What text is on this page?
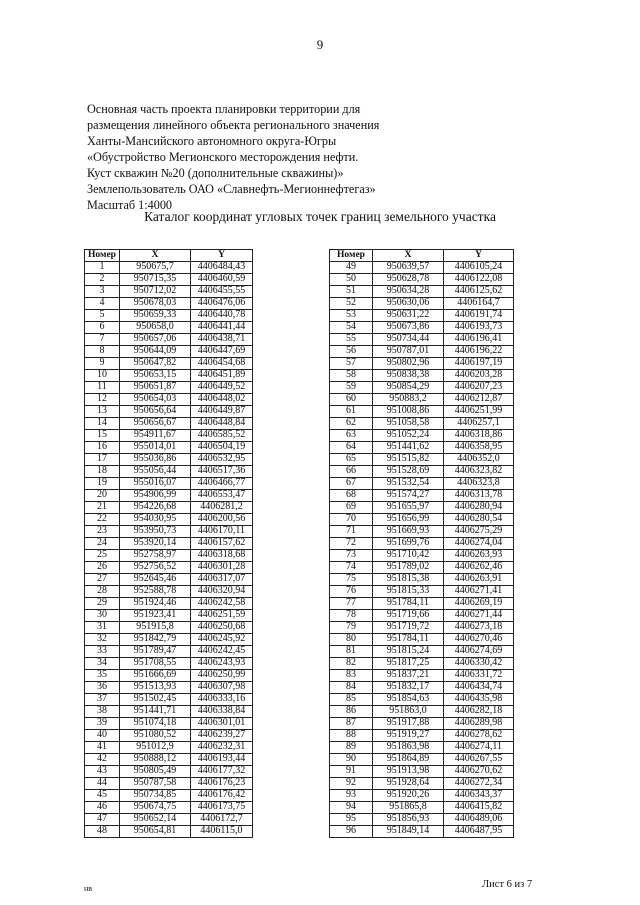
9
Основная часть проекта планировки территории для
размещения линейного объекта регионального значения
Ханты-Мансийского автономного округа-Югры
«Обустройство Мегионского месторождения нефти.
Куст скважин №20 (дополнительные скважины)»
Землепользователь ОАО «Славнефть-Мегионнефтегаз»
Масштаб 1:4000
Каталог координат угловых точек границ земельного участка
Номер	X	Y
1	950675,7	4406484,43
2	950715,35	4406460,59
3	950712,02	4406455,55
4	950678,03	4406476,06
5	950659,33	4406440,78
6	950658,0	4406441,44
7	950657,06	4406438,71
8	950644,09	4406447,69
9	950647,82	4406454,68
10	950653,15	4406451,89
11	950651,87	4406449,52
12	950654,03	4406448,02
13	950656,64	4406449,87
14	950656,67	4406448,84
15	954911,67	4406585,52
16	955014,01	4406504,19
17	955036,86	4406532,95
18	955056,44	4406517,36
19	955016,07	4406466,77
20	954906,99	4406553,47
21	954226,68	4406281,2
22	954030,95	4406200,56
23	953950,73	4406170,11
24	953920,14	4406157,62
25	952758,97	4406318,68
26	952756,52	4406301,28
27	952645,46	4406317,07
28	952588,78	4406320,94
29	951924,46	4406242,58
30	951923,41	4406251,59
31	951915,8	4406250,68
32	951842,79	4406245,92
33	951789,47	4406242,45
34	951708,55	4406243,93
35	951666,69	4406250,99
36	951513,93	4406307,98
37	951502,45	4406333,16
38	951441,71	4406338,84
39	951074,18	4406301,01
40	951080,52	4406239,27
41	951012,9	4406232,31
42	950888,12	4406193,44
43	950805,49	4406177,32
44	950787,58	4406176,23
45	950734,85	4406176,42
46	950674,75	4406173,75
47	950652,14	4406172,7
48	950654,81	4406115,0
Номер	X	Y
49	950639,57	4406105,24
50	950628,78	4406122,08
51	950634,28	4406125,62
52	950630,06	4406164,7
53	950631,22	4406191,74
54	950673,86	4406193,73
55	950734,44	4406196,41
56	950787,01	4406196,22
57	950802,96	4406197,19
58	950838,38	4406203,28
59	950854,29	4406207,23
60	950883,2	4406212,87
61	951008,86	4406251,99
62	951058,58	4406257,1
63	951052,24	4406318,86
64	951441,62	4406358,95
65	951515,82	4406352,0
66	951528,69	4406323,82
67	951532,54	4406323,8
68	951574,27	4406313,78
69	951655,97	4406280,94
70	951656,99	4406280,54
71	951669,93	4406275,29
72	951699,76	4406274,04
73	951710,42	4406263,93
74	951789,02	4406262,46
75	951815,38	4406263,91
76	951815,33	4406271,41
77	951784,11	4406269,19
78	951719,66	4406271,44
79	951719,72	4406273,18
80	951784,11	4406270,46
81	951815,24	4406274,69
82	951817,25	4406330,42
83	951837,21	4406331,72
84	951832,17	4406434,74
85	951854,63	4406435,98
86	951863,0	4406282,18
87	951917,88	4406289,98
88	951919,27	4406278,62
89	951863,98	4406274,11
90	951864,89	4406267,55
91	951913,98	4406270,62
92	951928,64	4406272,34
93	951920,26	4406343,37
94	951865,8	4406415,82
95	951856,93	4406489,06
96	951849,14	4406487,95
нв	Лист 6 из 7
